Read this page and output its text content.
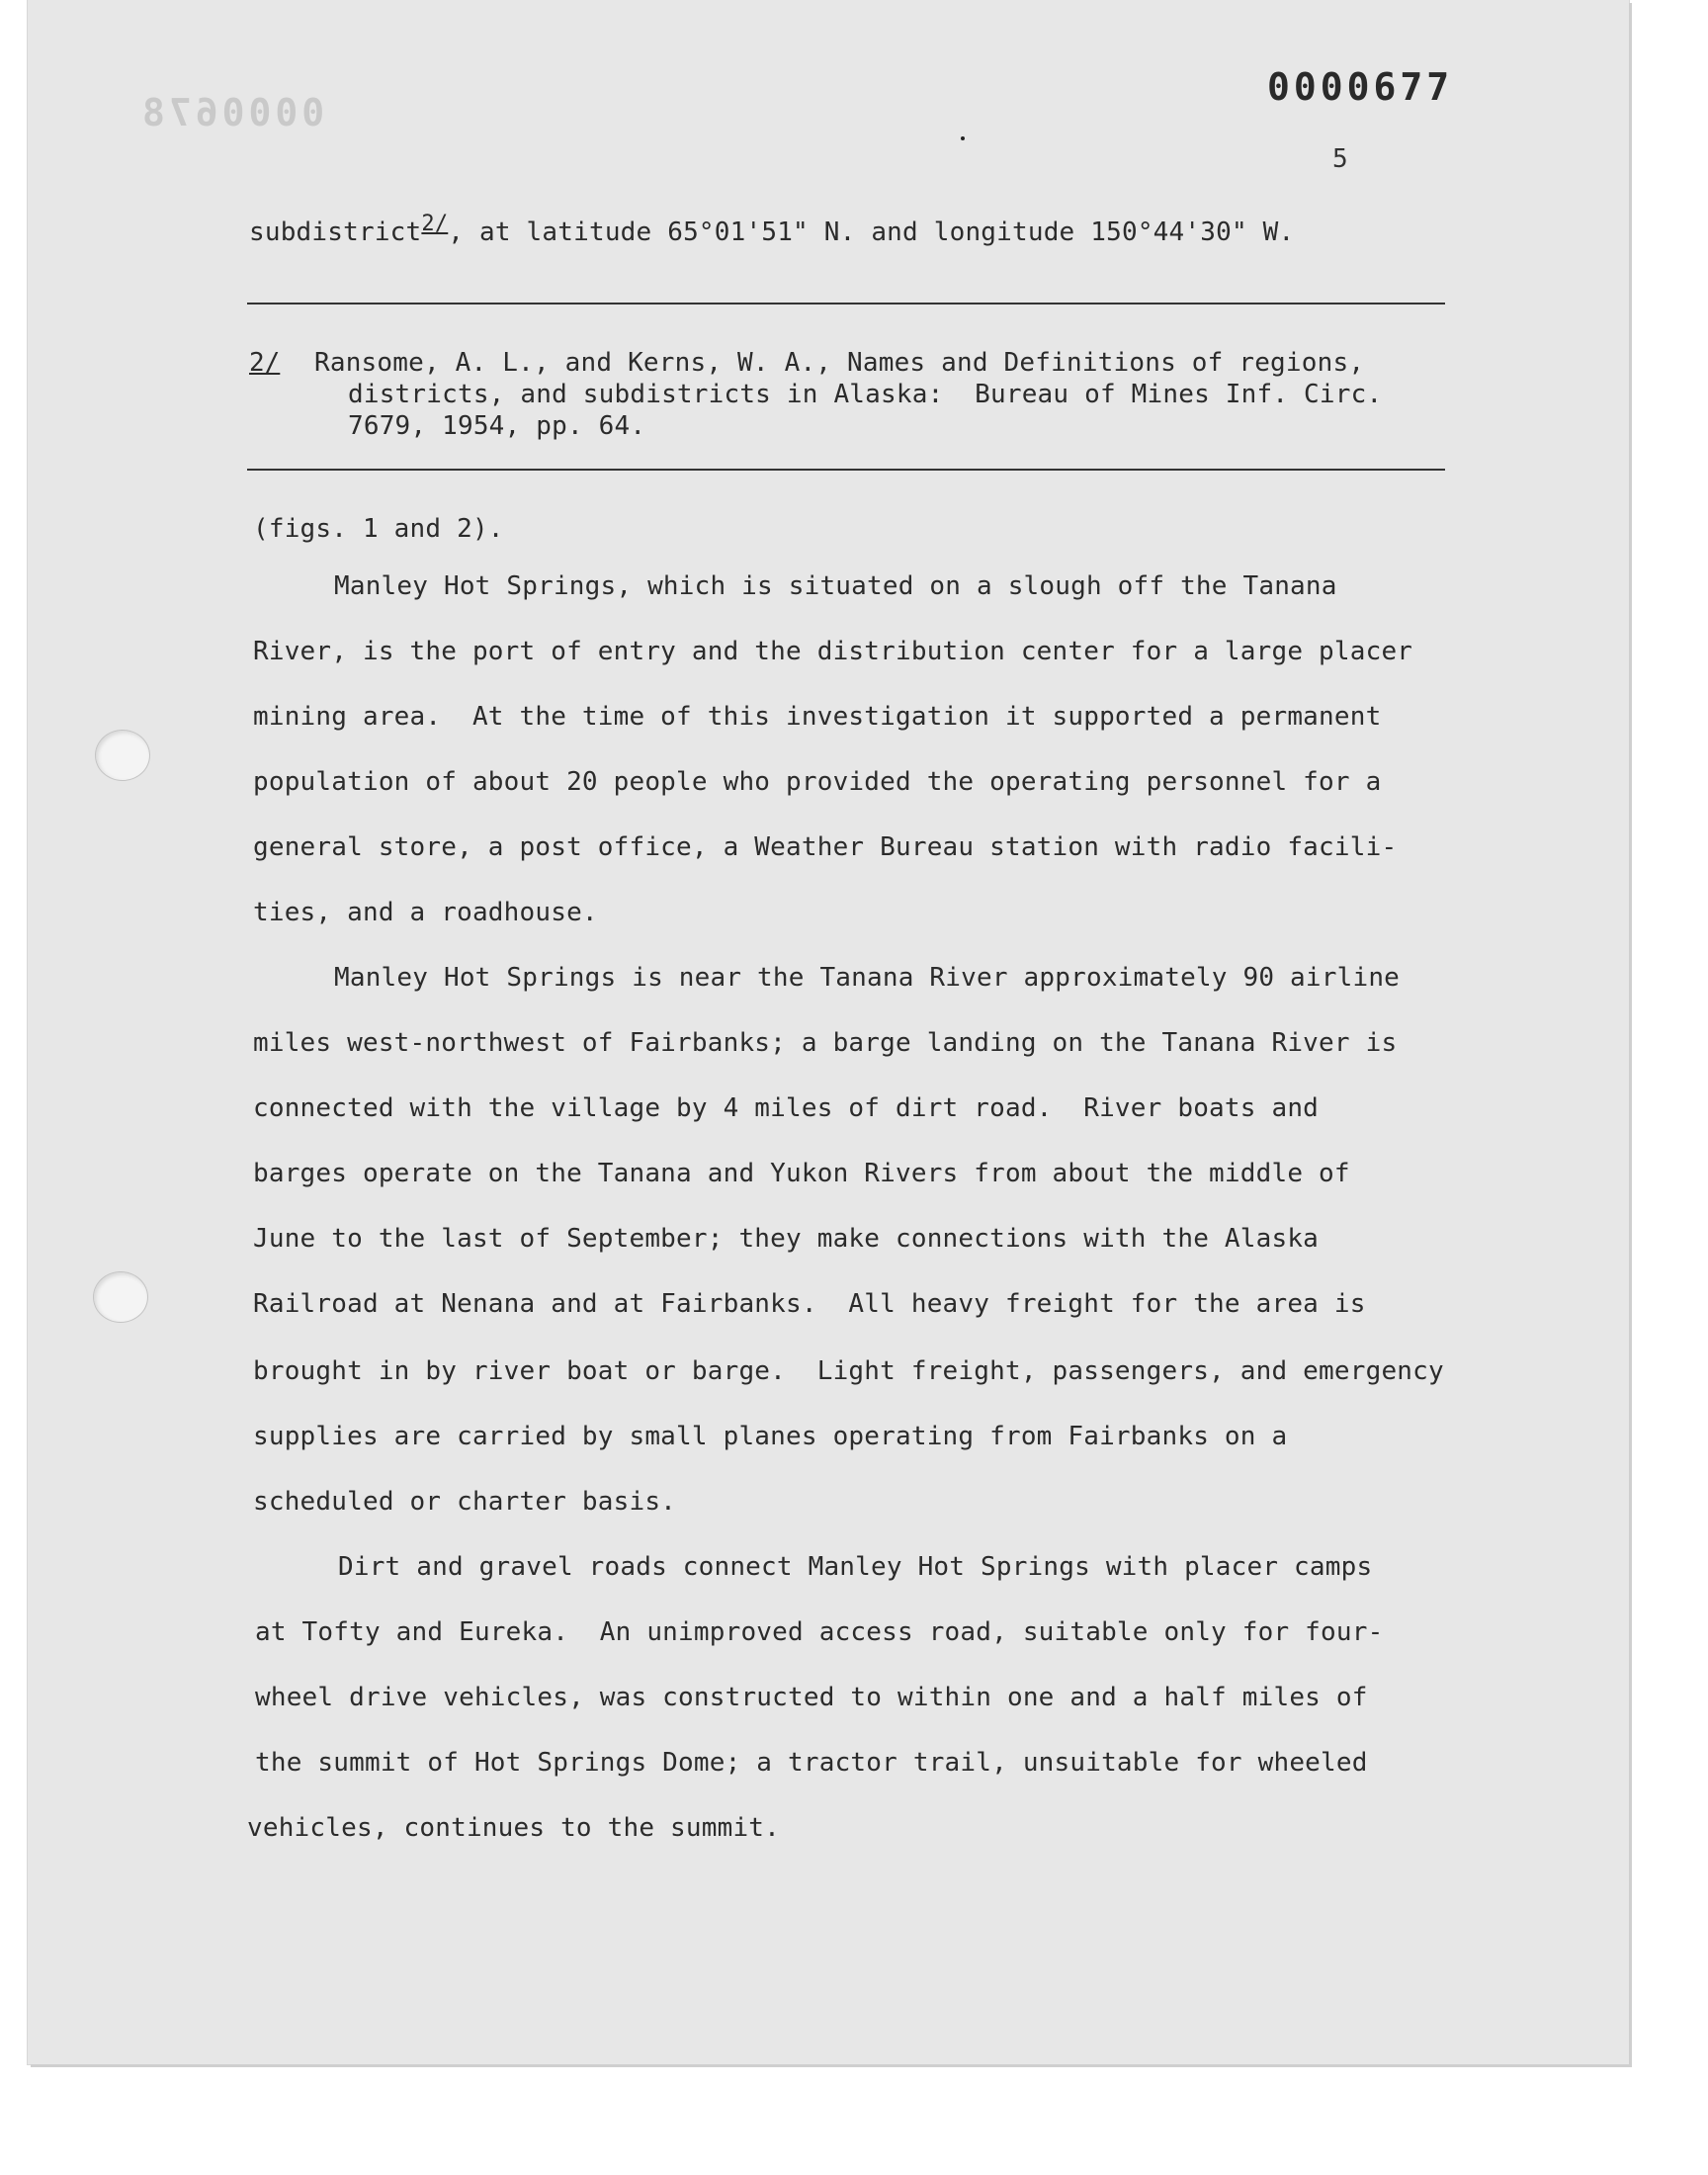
0000678
0000677
5
subdistrict$^{2/}$, at latitude 65°01'51" N. and longitude 150°44'30" W.
2/ Ransome, A. L., and Kerns, W. A., Names and Definitions of regions,
districts, and subdistricts in Alaska:  Bureau of Mines Inf. Circ.
7679, 1954, pp. 64.
(figs. 1 and 2).
Manley Hot Springs, which is situated on a slough off the Tanana
River, is the port of entry and the distribution center for a large placer
mining area.  At the time of this investigation it supported a permanent
population of about 20 people who provided the operating personnel for a
general store, a post office, a Weather Bureau station with radio facili-
ties, and a roadhouse.
Manley Hot Springs is near the Tanana River approximately 90 airline
miles west-northwest of Fairbanks; a barge landing on the Tanana River is
connected with the village by 4 miles of dirt road.  River boats and
barges operate on the Tanana and Yukon Rivers from about the middle of
June to the last of September; they make connections with the Alaska
Railroad at Nenana and at Fairbanks.  All heavy freight for the area is
brought in by river boat or barge.  Light freight, passengers, and emergency
supplies are carried by small planes operating from Fairbanks on a
scheduled or charter basis.
Dirt and gravel roads connect Manley Hot Springs with placer camps
at Tofty and Eureka.  An unimproved access road, suitable only for four-
wheel drive vehicles, was constructed to within one and a half miles of
the summit of Hot Springs Dome; a tractor trail, unsuitable for wheeled
vehicles, continues to the summit.
